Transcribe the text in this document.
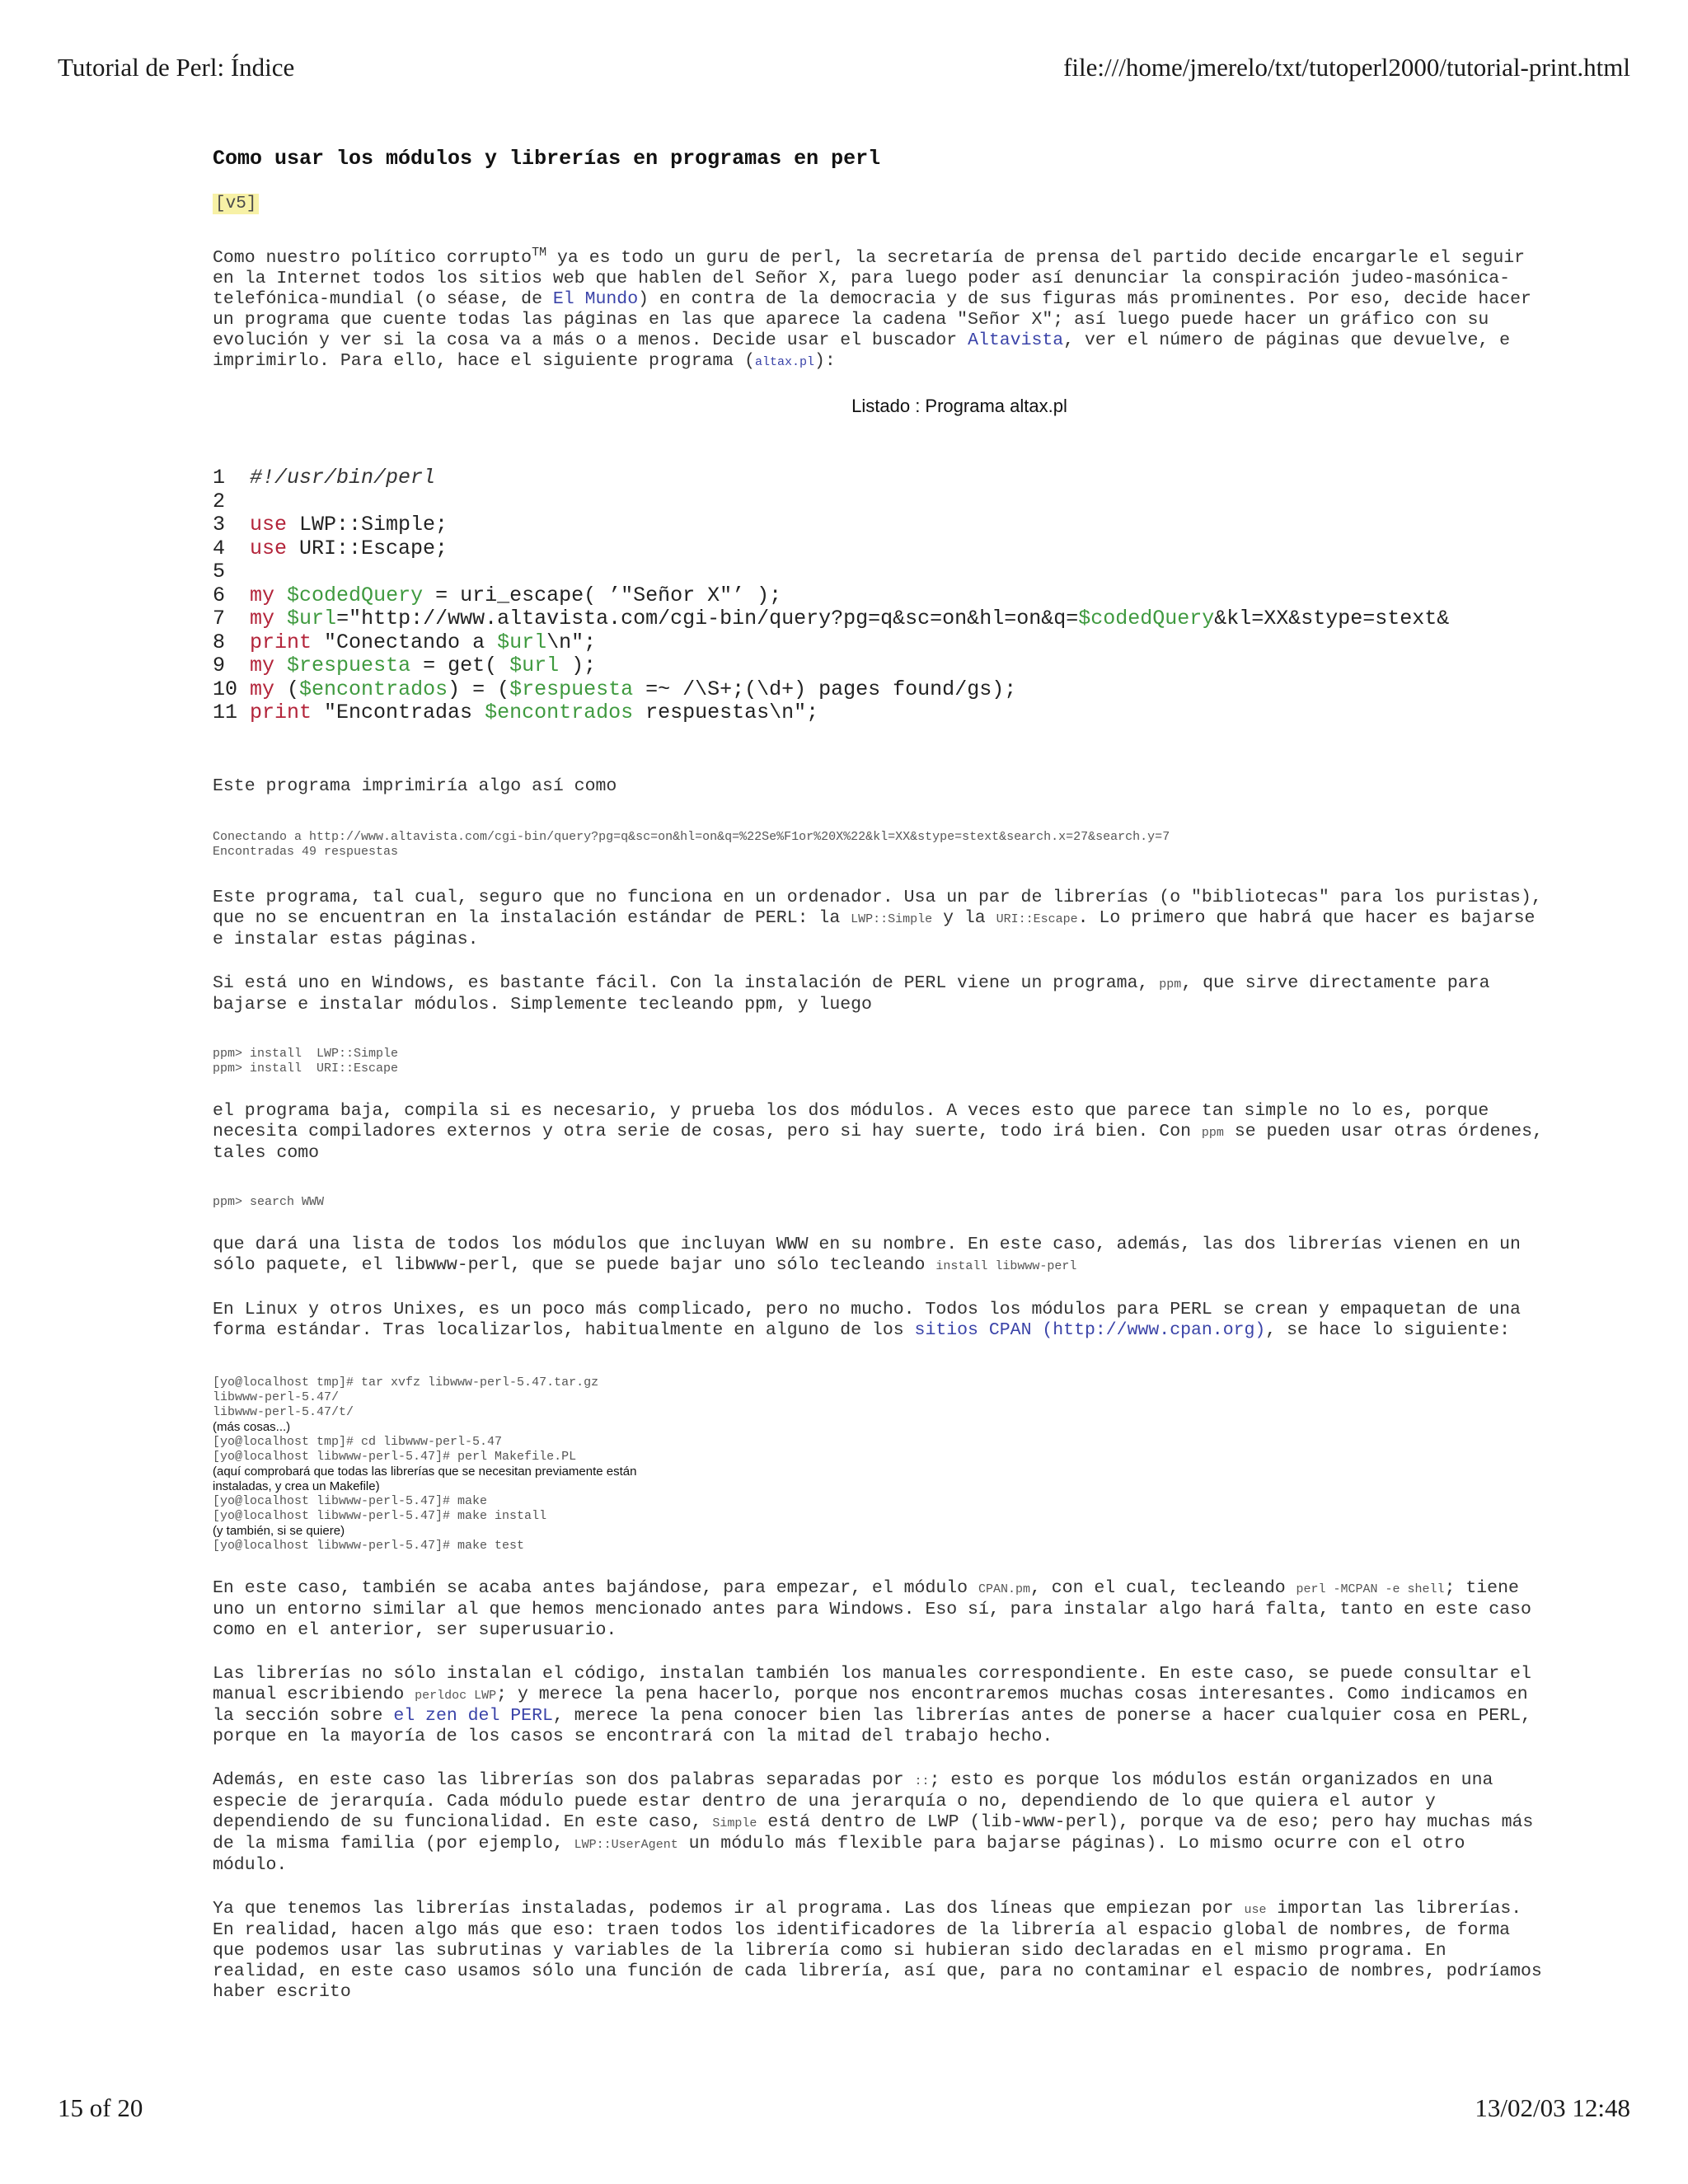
Tutorial de Perl: Índice	file:///home/jmerelo/txt/tutoperl2000/tutorial-print.html
Como usar los módulos y librerías en programas en perl
[v5]

Como nuestro político corrupto™ ya es todo un guru de perl, la secretaría de prensa del partido decide encargarle el seguir en la Internet todos los sitios web que hablen del Señor X, para luego poder así denunciar la conspiración judeo-masónica-telefónica-mundial (o séase, de El Mundo) en contra de la democracia y de sus figuras más prominentes. Por eso, decide hacer un programa que cuente todas las páginas en las que aparece la cadena "Señor X"; así luego puede hacer un gráfico con su evolución y ver si la cosa va a más o a menos. Decide usar el buscador Altavista, ver el número de páginas que devuelve, e imprimirlo. Para ello, hace el siguiente programa (altax.pl):

Listado : Programa altax.pl
1  #!/usr/bin/perl
2
3  use LWP::Simple;
4  use URI::Escape;
5
6  my $codedQuery = uri_escape( ’"Señor X"’ );
7  my $url="http://www.altavista.com/cgi-bin/query?pg=q&sc=on&hl=on&q=$codedQuery&kl=XX&stype=stext&
8  print "Conectando a $url\n";
9  my $respuesta = get( $url );
10 my ($encontrados) = ($respuesta =~ /\S+;(\d+) pages found/gs);
11 print "Encontradas $encontrados respuestas\n";

Este programa imprimiría algo así como

Conectando a http://www.altavista.com/cgi-bin/query?pg=q&sc=on&hl=on&q=%22Se%F1or%20X%22&kl=XX&stype=stext&search.x=27&search.y=7
Encontradas 49 respuestas

Este programa, tal cual, seguro que no funciona en un ordenador. Usa un par de librerías (o "bibliotecas" para los puristas), que no se encuentran en la instalación estándar de PERL: la LWP::Simple y la URI::Escape. Lo primero que habrá que hacer es bajarse e instalar estas páginas.

Si está uno en Windows, es bastante fácil. Con la instalación de PERL viene un programa, ppm, que sirve directamente para bajarse e instalar módulos. Simplemente tecleando ppm, y luego

ppm> install  LWP::Simple
ppm> install  URI::Escape

el programa baja, compila si es necesario, y prueba los dos módulos. A veces esto que parece tan simple no lo es, porque necesita compiladores externos y otra serie de cosas, pero si hay suerte, todo irá bien. Con ppm se pueden usar otras órdenes, tales como

ppm> search WWW

que dará una lista de todos los módulos que incluyan WWW en su nombre. En este caso, además, las dos librerías vienen en un sólo paquete, el libwww-perl, que se puede bajar uno sólo tecleando install libwww-perl

En Linux y otros Unixes, es un poco más complicado, pero no mucho. Todos los módulos para PERL se crean y empaquetan de una forma estándar. Tras localizarlos, habitualmente en alguno de los sitios CPAN (http://www.cpan.org), se hace lo siguiente:

[yo@localhost tmp]# tar xvfz libwww-perl-5.47.tar.gz
libwww-perl-5.47/
libwww-perl-5.47/t/
(más cosas...)
[yo@localhost tmp]# cd libwww-perl-5.47
[yo@localhost libwww-perl-5.47]# perl Makefile.PL
(aquí comprobará que todas las librerías que se necesitan previamente están instaladas, y crea un Makefile)
[yo@localhost libwww-perl-5.47]# make
[yo@localhost libwww-perl-5.47]# make install
(y también, si se quiere)
[yo@localhost libwww-perl-5.47]# make test

En este caso, también se acaba antes bajándose, para empezar, el módulo CPAN.pm, con el cual, tecleando perl -MCPAN -e shell; tiene uno un entorno similar al que hemos mencionado antes para Windows. Eso sí, para instalar algo hará falta, tanto en este caso como en el anterior, ser superusuario.

Las librerías no sólo instalan el código, instalan también los manuales correspondiente. En este caso, se puede consultar el manual escribiendo perldoc LWP; y merece la pena hacerlo, porque nos encontraremos muchas cosas interesantes. Como indicamos en la sección sobre el zen del PERL, merece la pena conocer bien las librerías antes de ponerse a hacer cualquier cosa en PERL, porque en la mayoría de los casos se encontrará con la mitad del trabajo hecho.

Además, en este caso las librerías son dos palabras separadas por ::; esto es porque los módulos están organizados en una especie de jerarquía. Cada módulo puede estar dentro de una jerarquía o no, dependiendo de lo que quiera el autor y dependiendo de su funcionalidad. En este caso, Simple está dentro de LWP (lib-www-perl), porque va de eso; pero hay muchas más de la misma familia (por ejemplo, LWP::UserAgent un módulo más flexible para bajarse páginas). Lo mismo ocurre con el otro módulo.

Ya que tenemos las librerías instaladas, podemos ir al programa. Las dos líneas que empiezan por use importan las librerías. En realidad, hacen algo más que eso: traen todos los identificadores de la librería al espacio global de nombres, de forma que podemos usar las subrutinas y variables de la librería como si hubieran sido declaradas en el mismo programa. En realidad, en este caso usamos sólo una función de cada librería, así que, para no contaminar el espacio de nombres, podríamos haber escrito

15 of 20	13/02/03 12:48
